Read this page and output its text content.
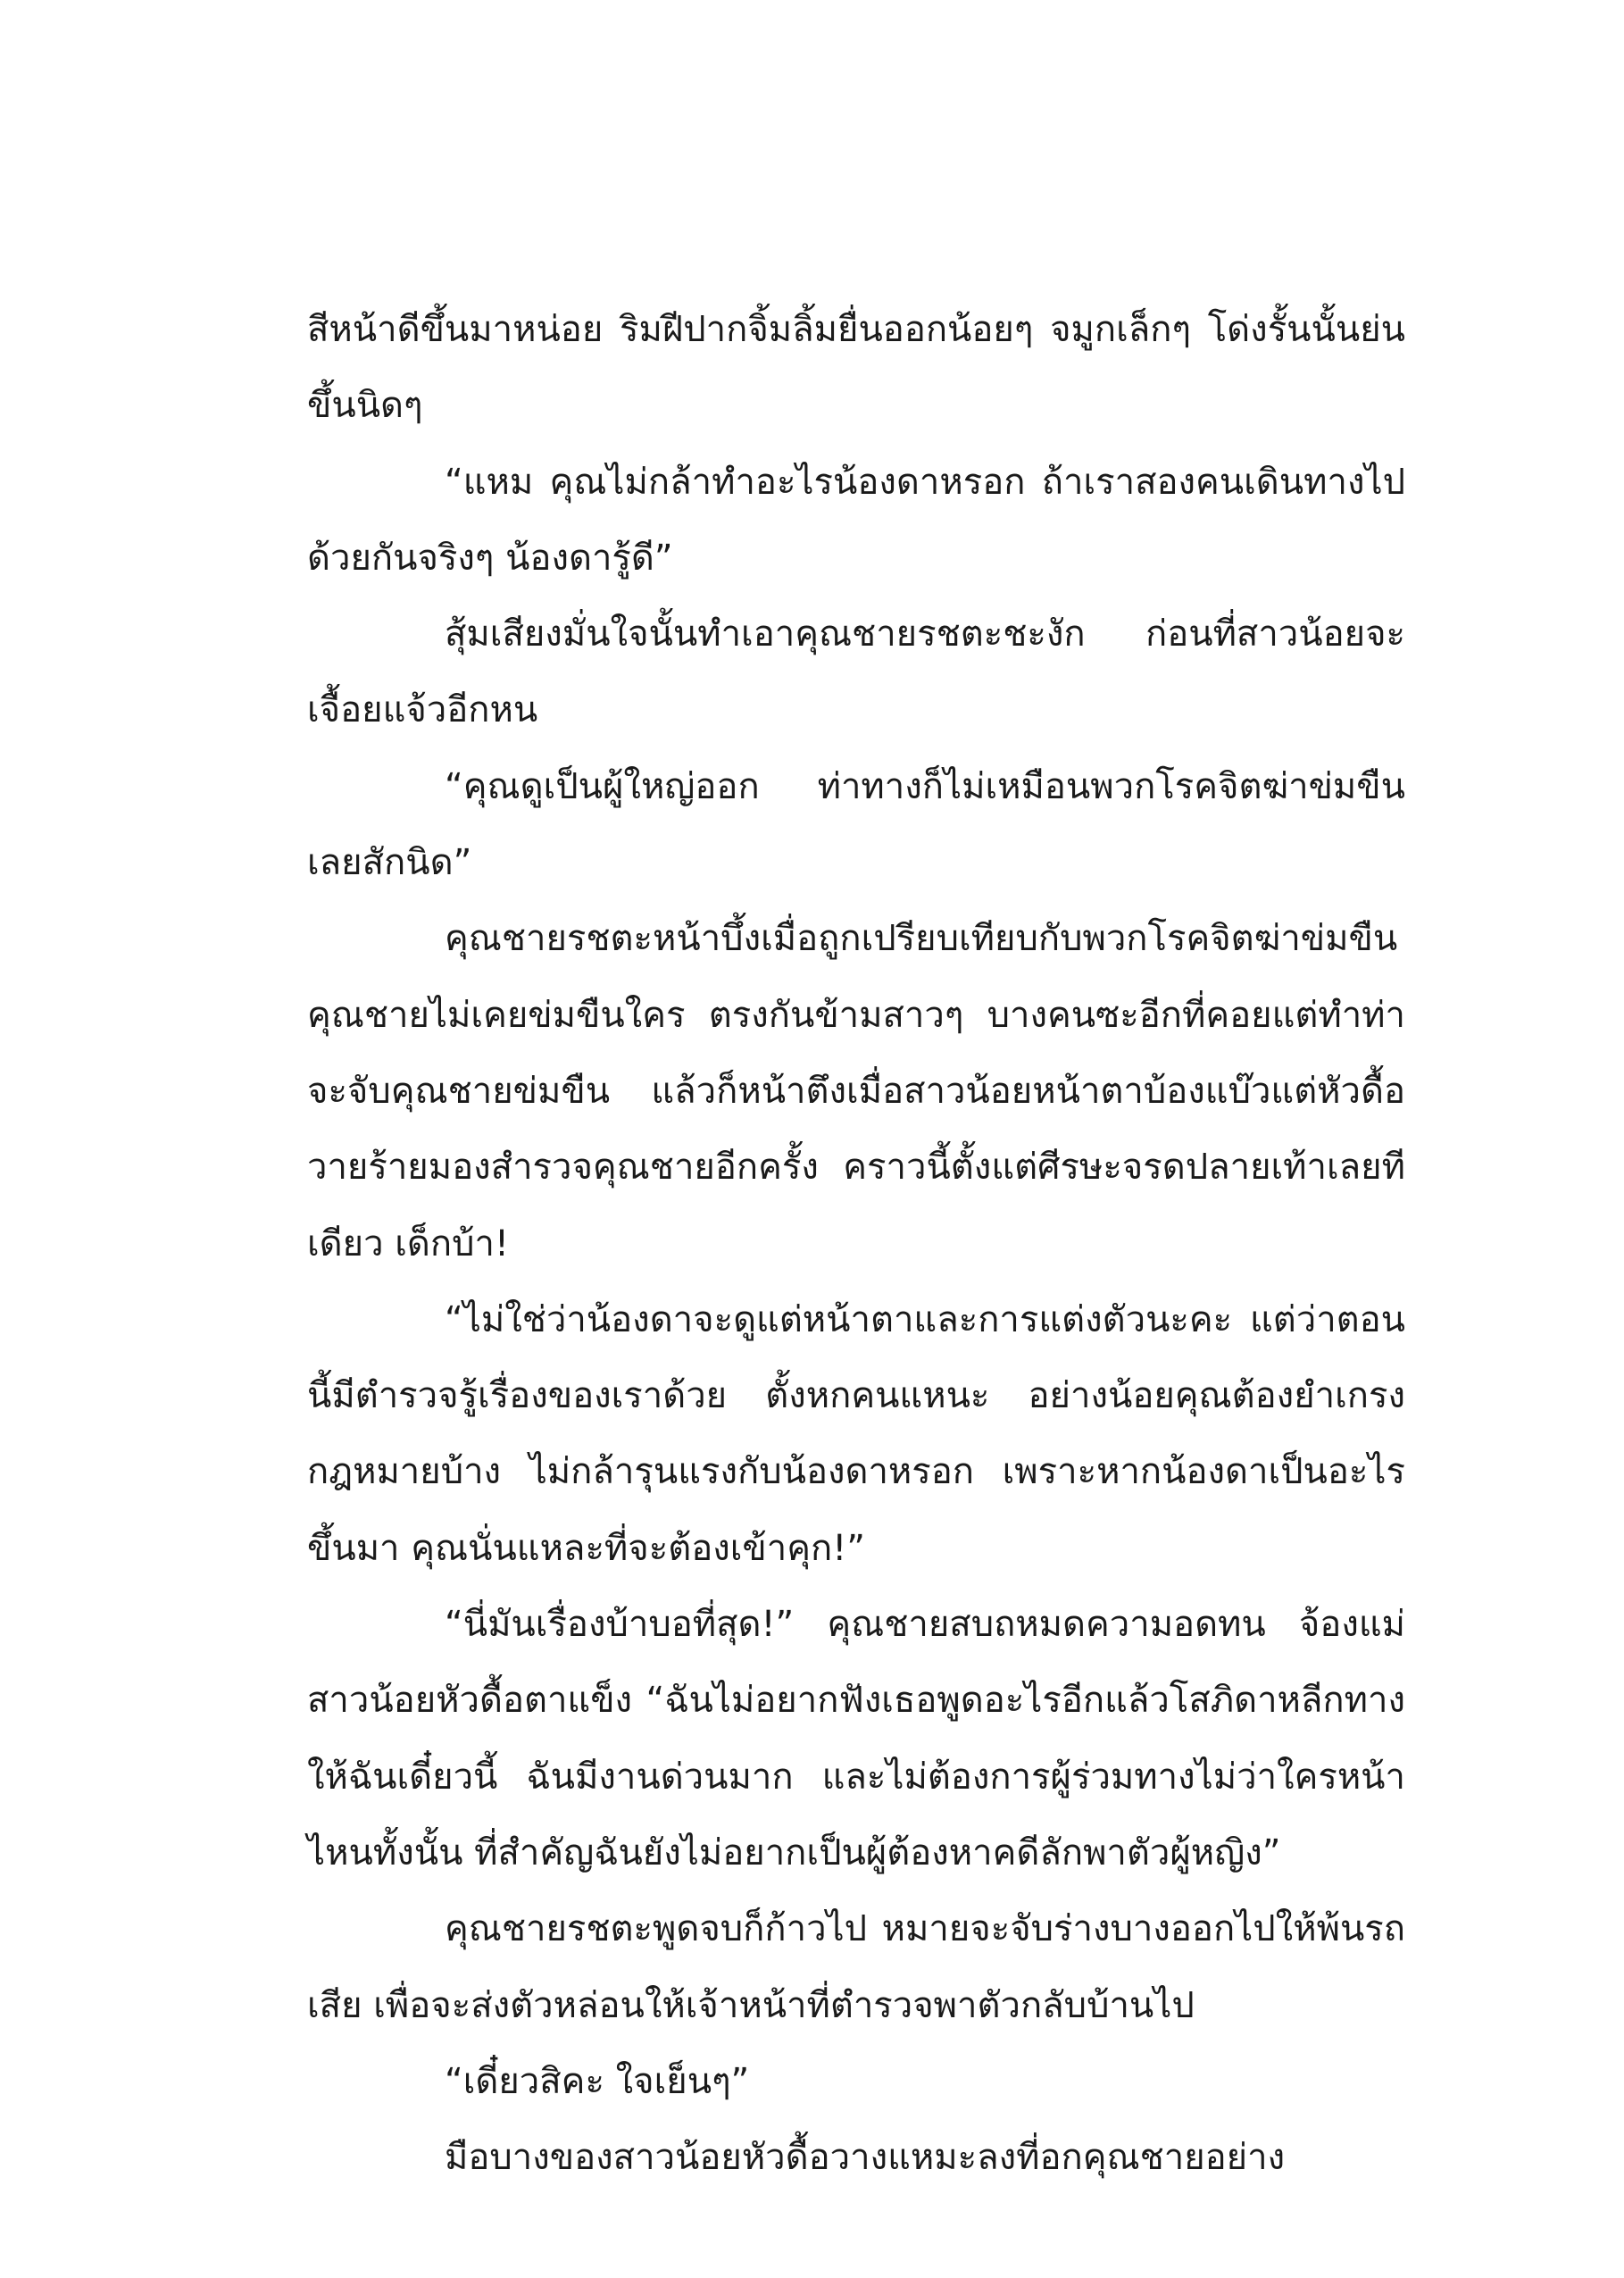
สีหน้าดีขึ้นมาหน่อย ริมฝีปากจิ้มลิ้มยื่นออกน้อยๆ จมูกเล็กๆ โด่งรั้นนั้นย่นขึ้นนิดๆ

“แหม คุณไม่กล้าทำอะไรน้องดาหรอก ถ้าเราสองคนเดินทางไปด้วยกันจริงๆ น้องดารู้ดี”

สุ้มเสียงมั่นใจนั้นทำเอาคุณชายรชตะชะงัก ก่อนที่สาวน้อยจะเจื้อยแจ้วอีกหน

“คุณดูเป็นผู้ใหญ่ออก ท่าทางก็ไม่เหมือนพวกโรคจิตฆ่าข่มขืนเลยสักนิด”

คุณชายรชตะหน้าบึ้งเมื่อถูกเปรียบเทียบกับพวกโรคจิตฆ่าข่มขืน คุณชายไม่เคยข่มขืนใคร ตรงกันข้ามสาวๆ บางคนซะอีกที่คอยแต่ทำท่าจะจับคุณชายข่มขืน แล้วก็หน้าตึงเมื่อสาวน้อยหน้าตาบ้องแบ๊วแต่หัวดื้อวายร้ายมองสำรวจคุณชายอีกครั้ง คราวนี้ตั้งแต่ศีรษะจรดปลายเท้าเลยทีเดียว เด็กบ้า!

“ไม่ใช่ว่าน้องดาจะดูแต่หน้าตาและการแต่งตัวนะคะ แต่ว่าตอนนี้มีตำรวจรู้เรื่องของเราด้วย ตั้งหกคนแหนะ อย่างน้อยคุณต้องยำเกรงกฎหมายบ้าง ไม่กล้ารุนแรงกับน้องดาหรอก เพราะหากน้องดาเป็นอะไรขึ้นมา คุณนั่นแหละที่จะต้องเข้าคุก!”

“นี่มันเรื่องบ้าบอที่สุด!” คุณชายสบถหมดความอดทน จ้องแม่สาวน้อยหัวดื้อตาแข็ง “ฉันไม่อยากฟังเธอพูดอะไรอีกแล้วโสภิดาหลีกทางให้ฉันเดี๋ยวนี้ ฉันมีงานด่วนมาก และไม่ต้องการผู้ร่วมทางไม่ว่าใครหน้าไหนทั้งนั้น ที่สำคัญฉันยังไม่อยากเป็นผู้ต้องหาคดีลักพาตัวผู้หญิง”

คุณชายรชตะพูดจบก็ก้าวไป หมายจะจับร่างบางออกไปให้พ้นรถเสีย เพื่อจะส่งตัวหล่อนให้เจ้าหน้าที่ตำรวจพาตัวกลับบ้านไป

“เดี๋ยวสิคะ ใจเย็นๆ”

มือบางของสาวน้อยหัวดื้อวางแหมะลงที่อกคุณชายอย่าง
